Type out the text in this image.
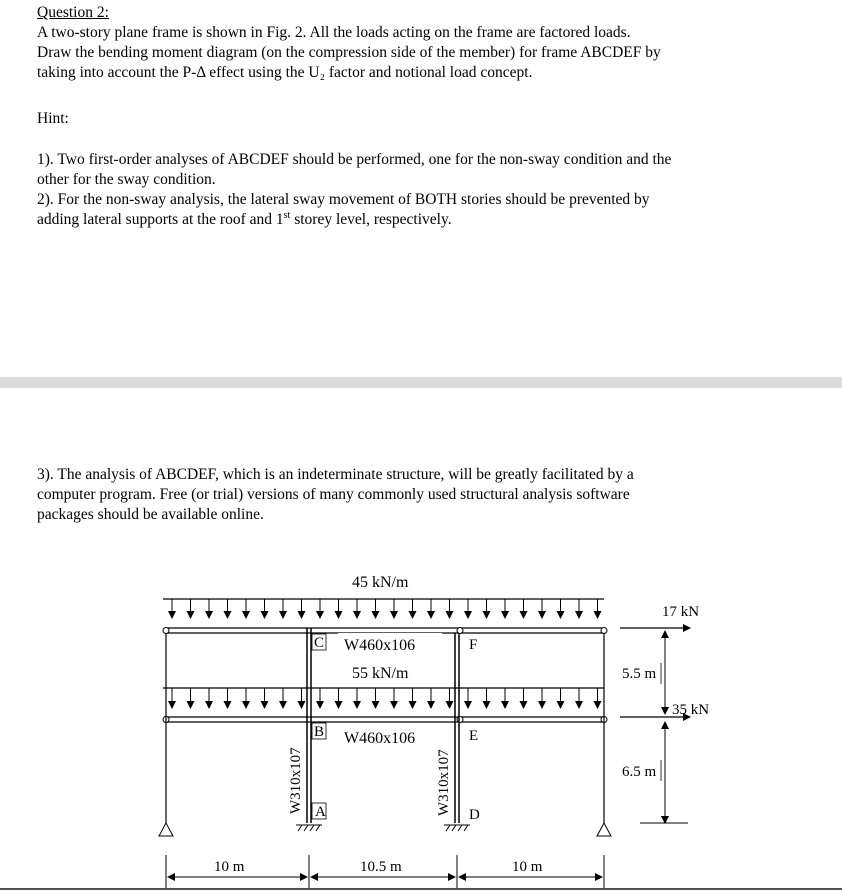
Question 2:
A two-story plane frame is shown in Fig. 2. All the loads acting on the frame are factored loads.
Draw the bending moment diagram (on the compression side of the member) for frame ABCDEF by
taking into account the P-Δ effect using the U₂ factor and notional load concept.
Hint:
1). Two first-order analyses of ABCDEF should be performed, one for the non-sway condition and the
other for the sway condition.
2). For the non-sway analysis, the lateral sway movement of BOTH stories should be prevented by
adding lateral supports at the roof and 1st storey level, respectively.
3). The analysis of ABCDEF, which is an indeterminate structure, will be greatly facilitated by a
computer program. Free (or trial) versions of many commonly used structural analysis software
packages should be available online.
C	F
B	E
A	D
45 kN/m
W460x106
55 kN/m
W460x106
W310x107	W310x107
17 kN
35 kN
5.5 m
6.5 m
10 m	10.5 m	10 m
